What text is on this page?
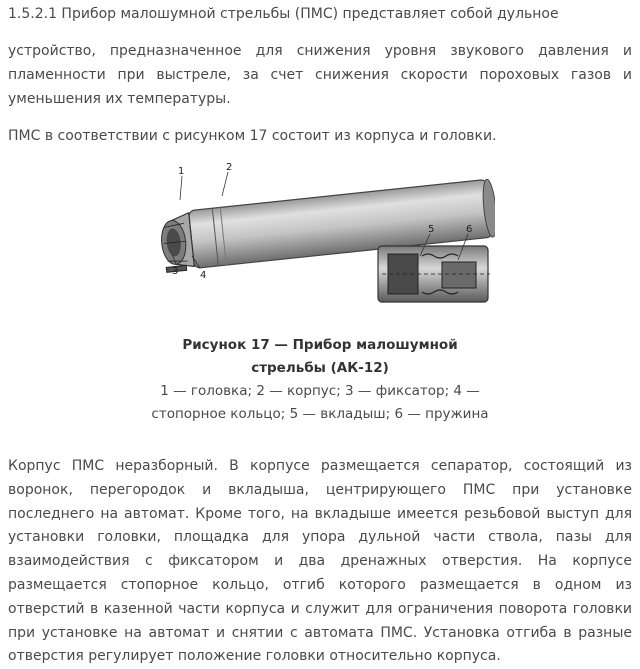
1.5.2.1 Прибор малошумной стрельбы (ПМС) представляет собой дульное
устройство, предназначенное для снижения уровня звукового давления и пламенности при выстреле, за счет снижения скорости пороховых газов и уменьшения их температуры.
ПМС в соответствии с рисунком 17 состоит из корпуса и головки.
1	2
3 4
5	6
Рисунок 17 — Прибор малошумной
стрельбы (АК-12)
1 — головка; 2 — корпус; 3 — фиксатор; 4 —
стопорное кольцо; 5 — вкладыш; 6 — пружина
Корпус ПМС неразборный. В корпусе размещается сепаратор, состоящий из воронок, перегородок и вкладыша, центрирующего ПМС при установке последнего на автомат. Кроме того, на вкладыше имеется резьбовой выступ для установки головки, площадка для упора дульной части ствола, пазы для взаимодействия с фиксатором и два дренажных отверстия. На корпусе размещается стопорное кольцо, отгиб которого размещается в одном из отверстий в казенной части корпуса и служит для ограничения поворота головки при установке на автомат и снятии с автомата ПМС. Установка отгиба в разные отверстия регулирует положение головки относительно корпуса.
